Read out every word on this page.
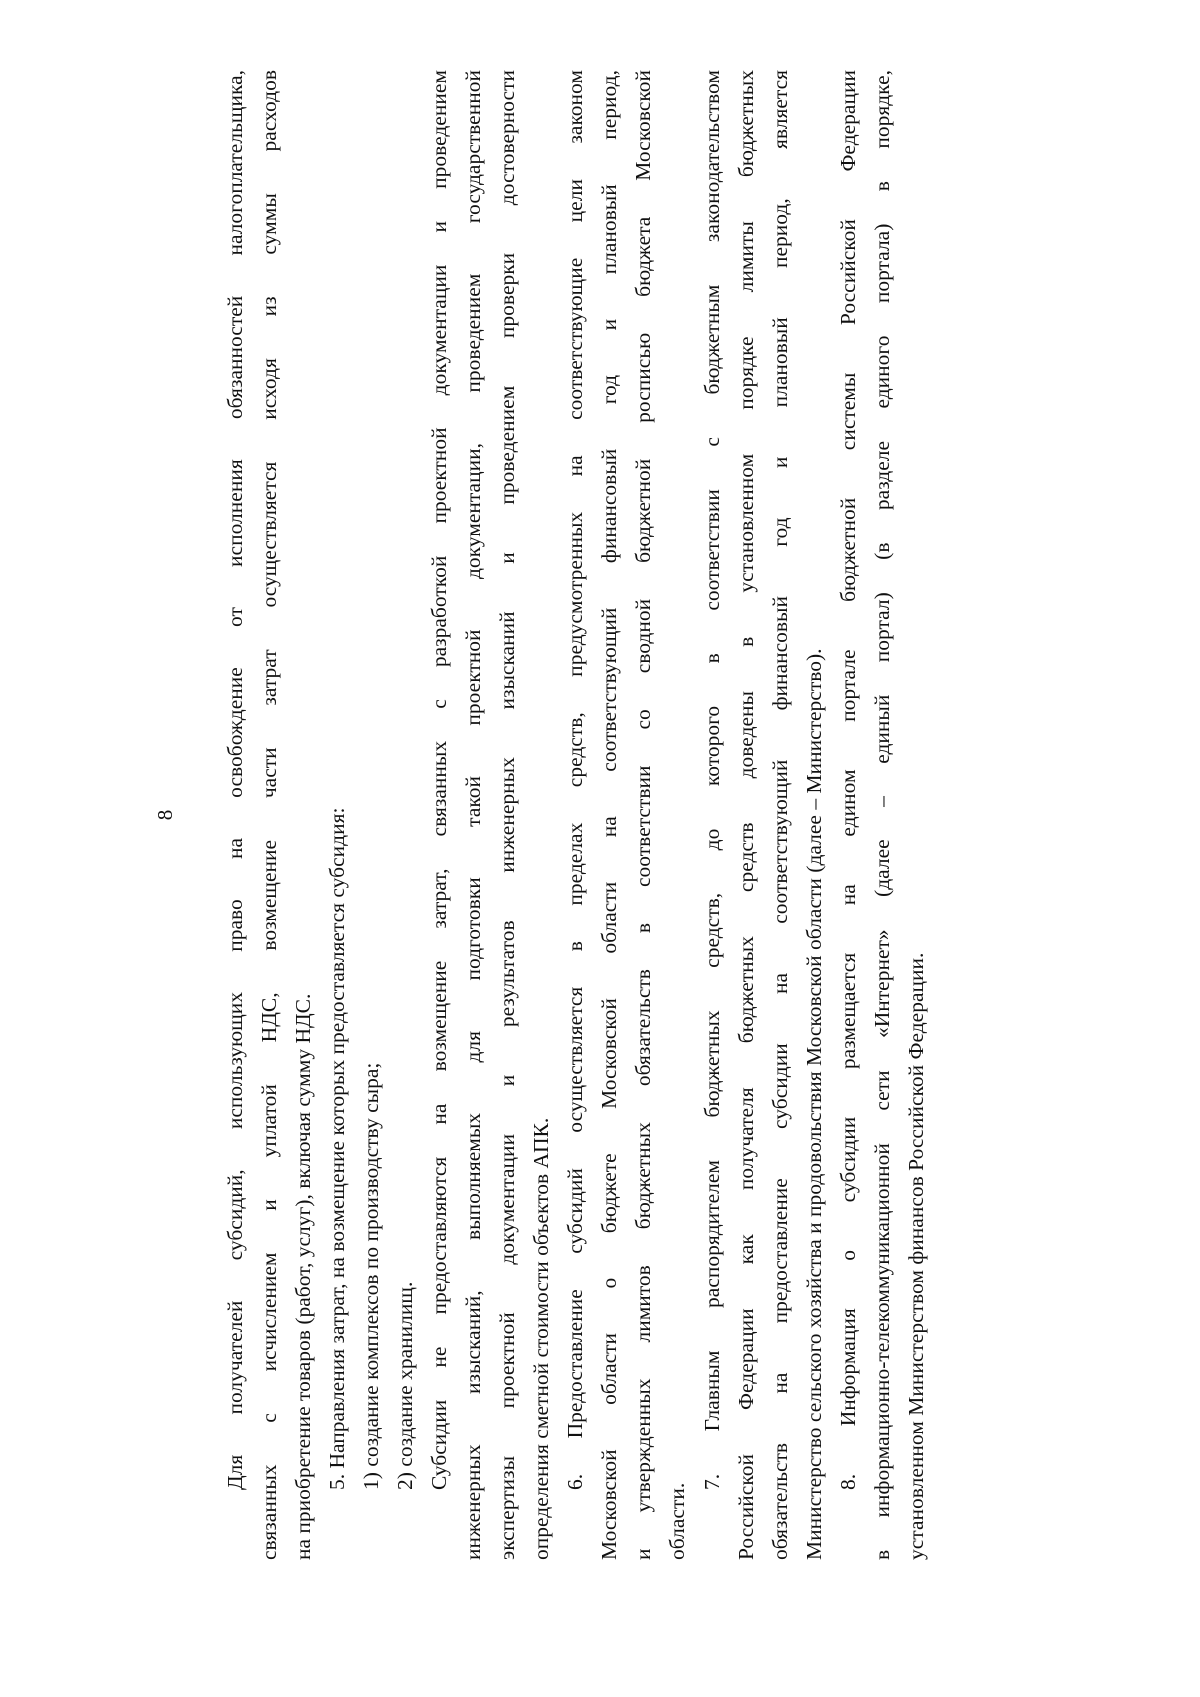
8 Для получателей субсидий, использующих право на освобождение от исполнения обязанностей налогоплательщика, связанных с исчислением и уплатой НДС, возмещение части затрат осуществляется исходя из суммы расходов на приобретение товаров (работ, услуг), включая сумму НДС. 5. Направления затрат, на возмещение которых предоставляется субсидия: 1) создание комплексов по производству сыра; 2) создание хранилищ. Субсидии не предоставляются на возмещение затрат, связанных с разработкой проектной документации и проведением инженерных изысканий, выполняемых для подготовки такой проектной документации, проведением государственной экспертизы проектной документации и результатов инженерных изысканий и проведением проверки достоверности определения сметной стоимости объектов АПК. 6. Предоставление субсидий осуществляется в пределах средств, предусмотренных на соответствующие цели законом Московской области о бюджете Московской области на соответствующий финансовый год и плановый период, и утвержденных лимитов бюджетных обязательств в соответствии со сводной бюджетной росписью бюджета Московской области.
7. Главным распорядителем бюджетных средств, до которого в соответствии с бюджетным законодательством Российской Федерации как получателя бюджетных средств доведены в установленном порядке лимиты бюджетных обязательств на предоставление субсидии на соответствующий финансовый год и плановый период, является Министерство сельского хозяйства и продовольствия Московской области (далее – Министерство). 8. Информация о субсидии размещается на едином портале бюджетной системы Российской Федерации в информационно-телекоммуникационной сети «Интернет» (далее – единый портал) (в разделе единого портала) в порядке, установленном Министерством финансов Российской Федерации.
